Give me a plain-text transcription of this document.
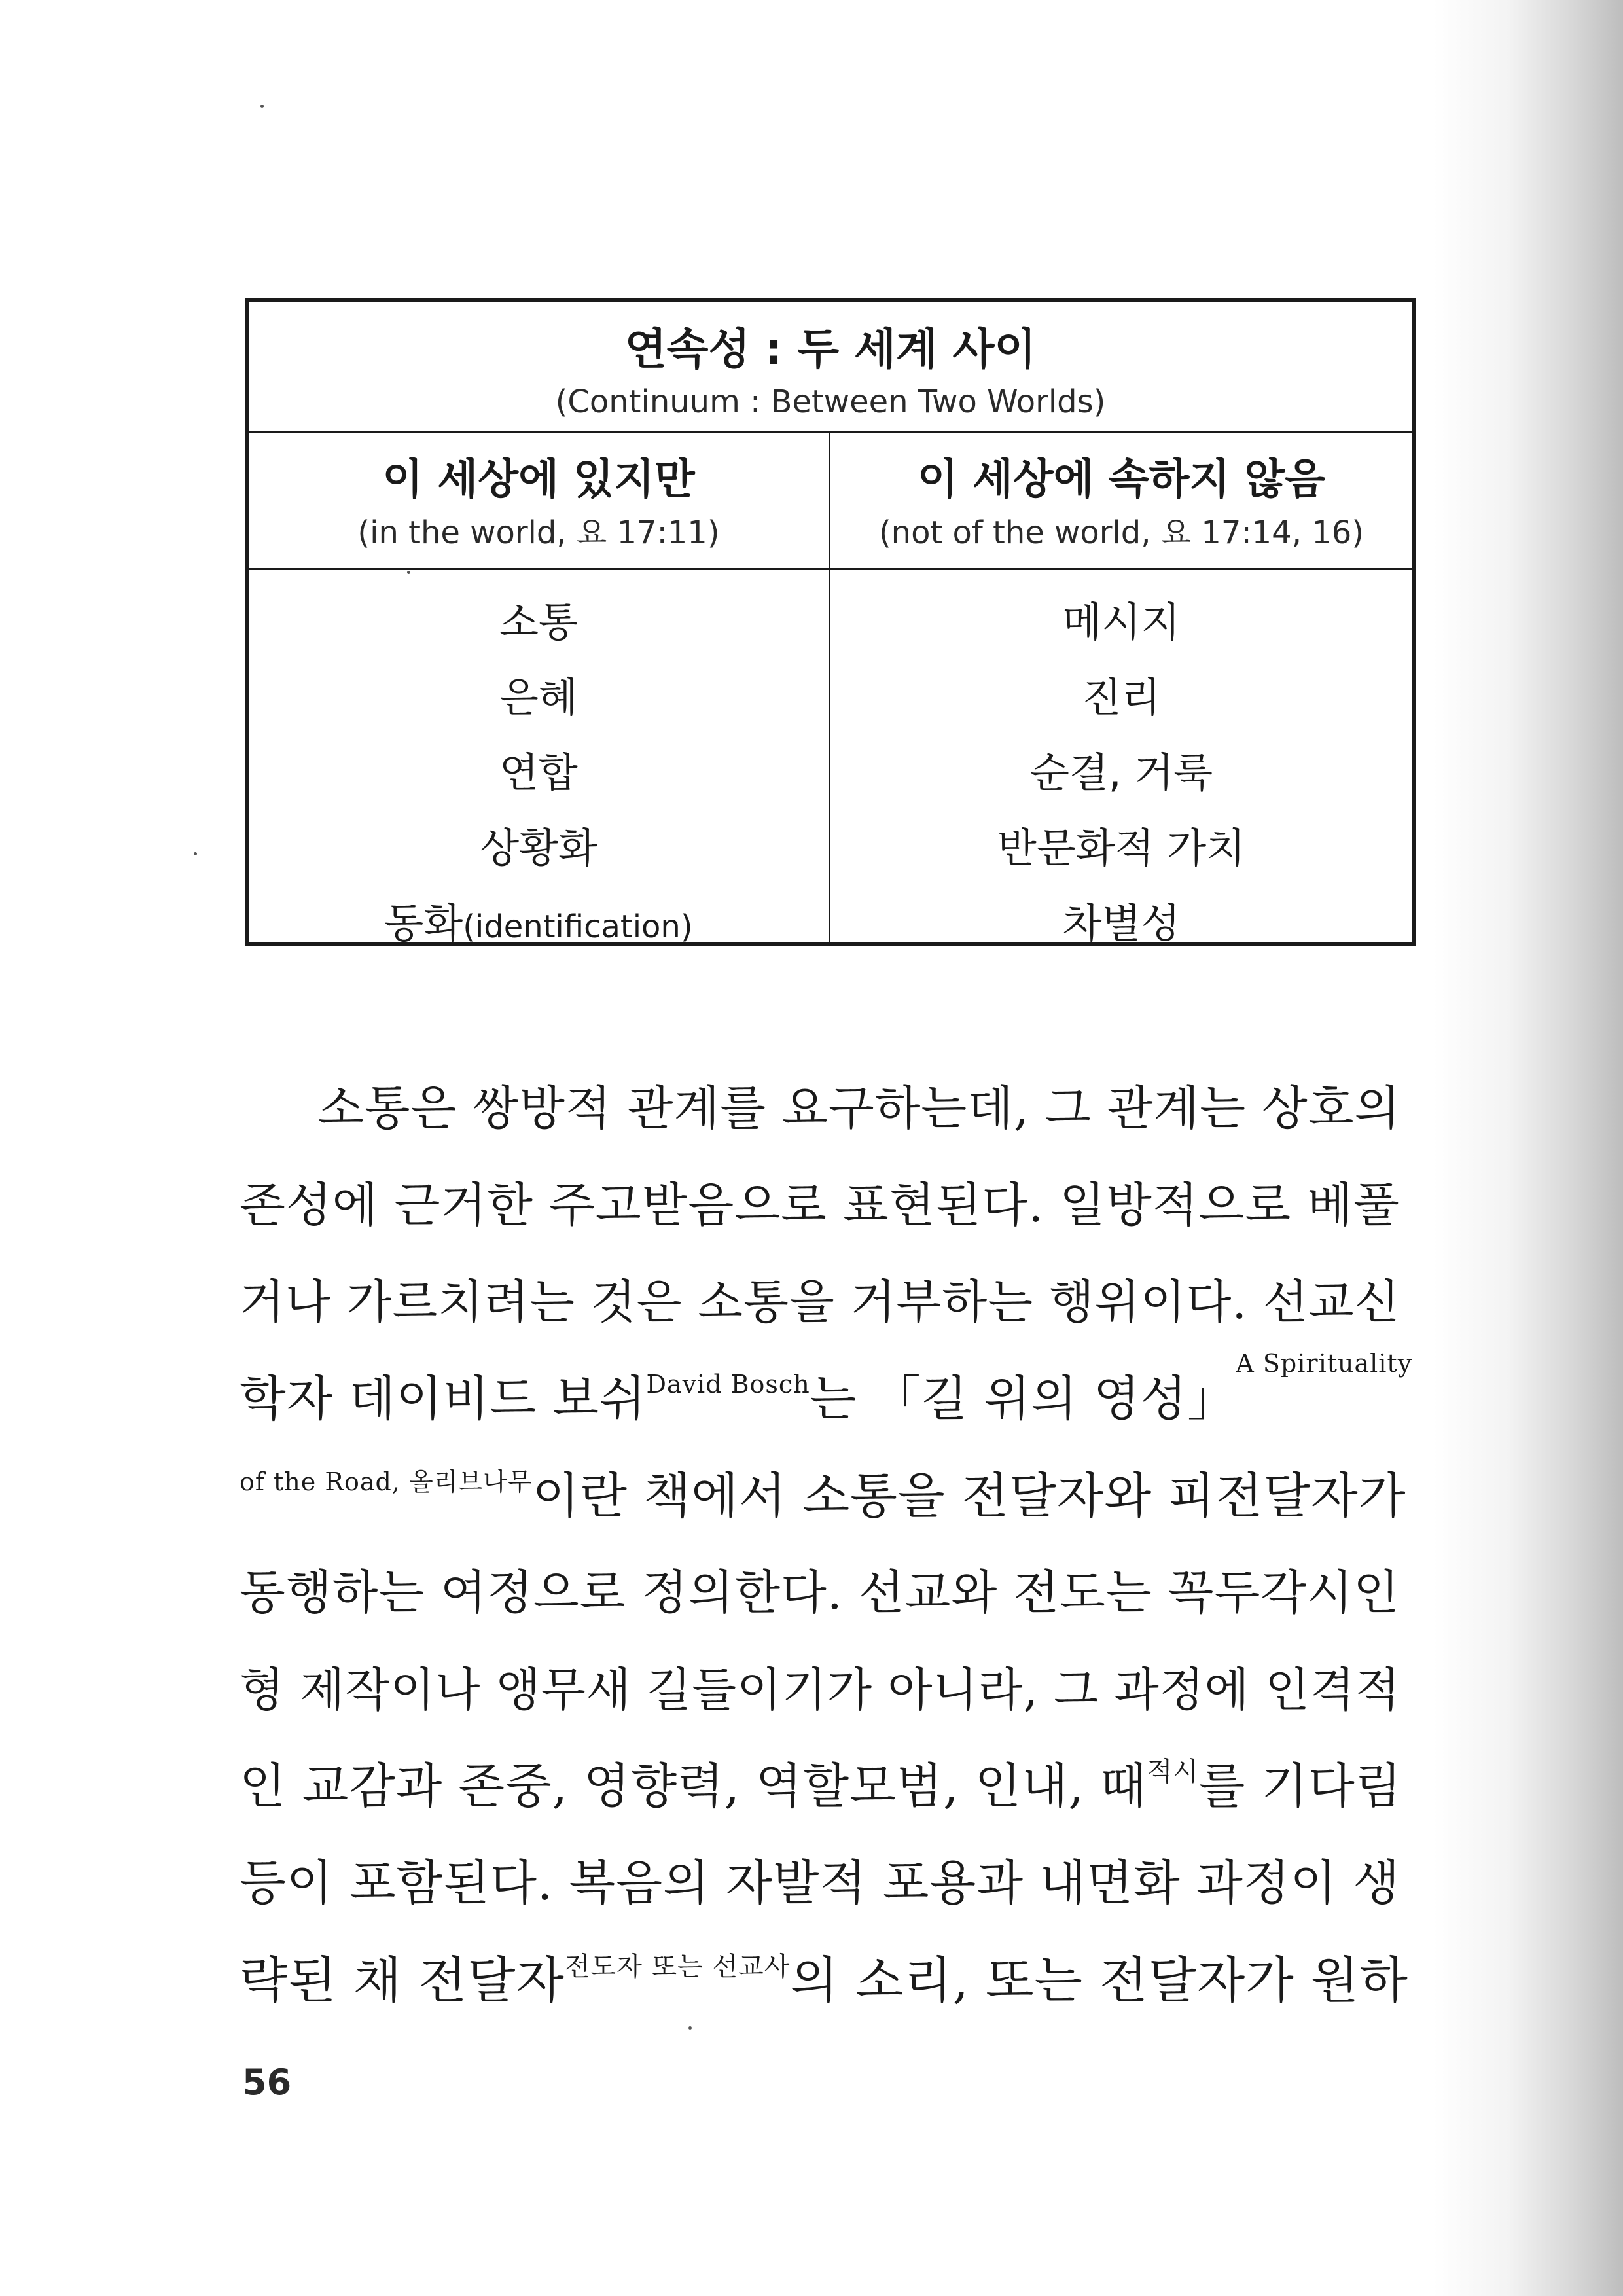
연속성 : 두 세계 사이
(Continuum : Between Two Worlds)
이 세상에 있지만
(in the world, 요 17:11)
이 세상에 속하지 않음
(not of the world, 요 17:14, 16)
소통
은혜
연합
상황화
동화(identification)
메시지
진리
순결, 거룩
반문화적 가치
차별성
소통은 쌍방적 관계를 요구하는데, 그 관계는 상호의
존성에 근거한 주고받음으로 표현된다. 일방적으로 베풀
거나 가르치려는 것은 소통을 거부하는 행위이다. 선교신
학자 데이비드 보쉬$^{David Bosch}$는 「길 위의 영성」
A Spirituality
$^{of the Road, 올리브나무}$이란 책에서 소통을 전달자와 피전달자가
동행하는 여정으로 정의한다. 선교와 전도는 꼭두각시인
형 제작이나 앵무새 길들이기가 아니라, 그 과정에 인격적
인 교감과 존중, 영향력, 역할모범, 인내, 때$^{적시}$를 기다림
등이 포함된다. 복음의 자발적 포용과 내면화 과정이 생
략된 채 전달자$^{전도자 또는 선교사}$의 소리, 또는 전달자가 원하
56
